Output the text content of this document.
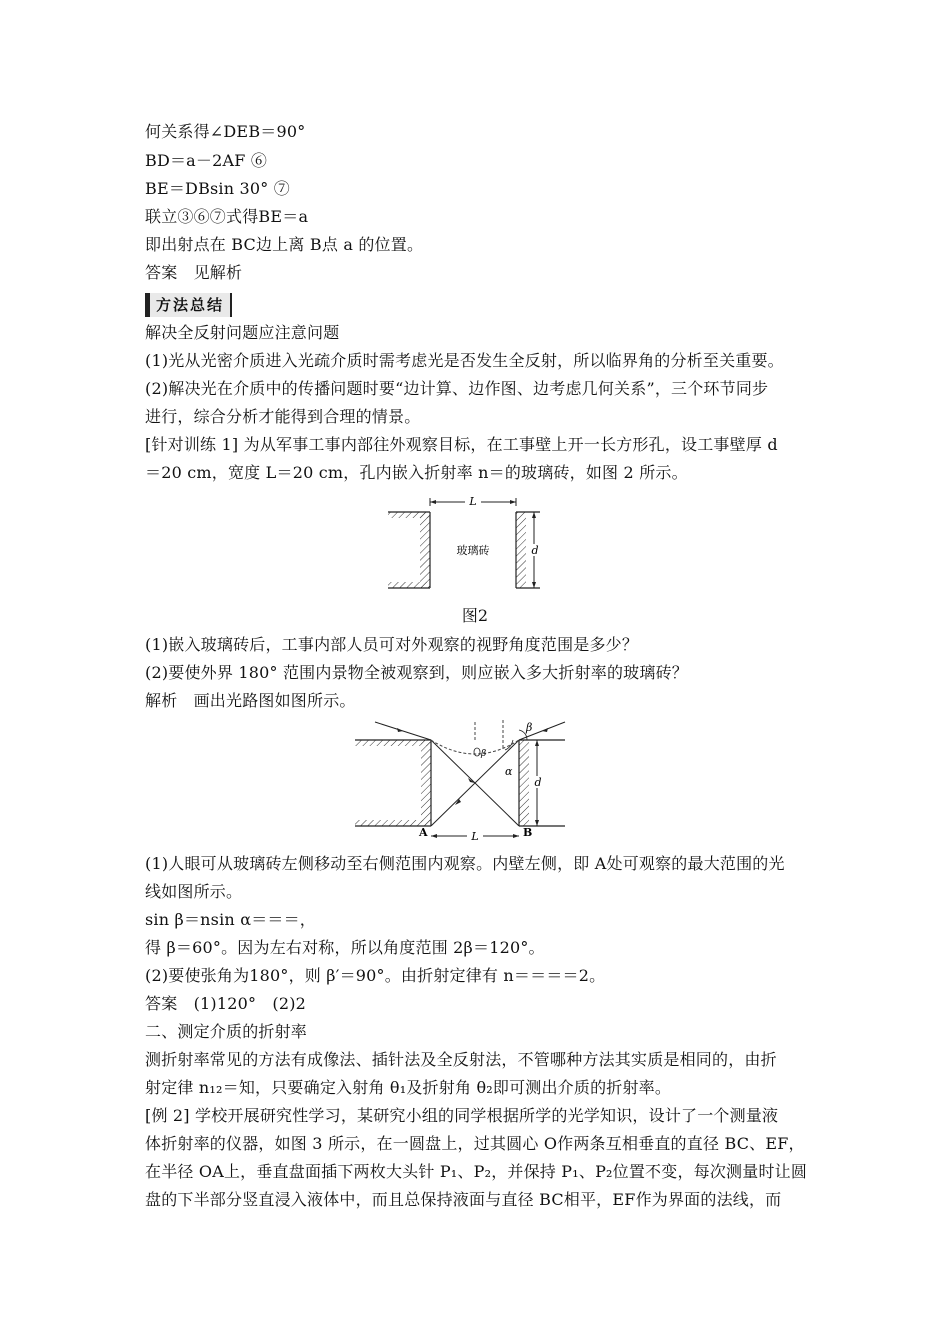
何关系得∠DEB＝90°
BD＝a－2AF ⑥
BE＝DBsin 30° ⑦
联立③⑥⑦式得BE＝a
即出射点在 BC边上离 B点 a 的位置。
答案　见解析
方法总结
解决全反射问题应注意问题
(1)光从光密介质进入光疏介质时需考虑光是否发生全反射，所以临界角的分析至关重要。
(2)解决光在介质中的传播问题时要“边计算、边作图、边考虑几何关系”，三个环节同步
进行，综合分析才能得到合理的情景。
[针对训练 1] 为从军事工事内部往外观察目标，在工事壁上开一长方形孔，设工事壁厚 d
＝20 cm，宽度 L＝20 cm，孔内嵌入折射率 n＝的玻璃砖，如图 2 所示。
L
d
玻璃砖
图2
(1)嵌入玻璃砖后，工事内部人员可对外观察的视野角度范围是多少？
(2)要使外界 180° 范围内景物全被观察到，则应嵌入多大折射率的玻璃砖？
解析　画出光路图如图所示。
d
L
β
β
α
A	B
(1)人眼可从玻璃砖左侧移动至右侧范围内观察。内壁左侧，即 A处可观察的最大范围的光
线如图所示。
sin β＝nsin α＝＝＝，
得 β＝60°。因为左右对称，所以角度范围 2β＝120°。
(2)要使张角为180°，则 β′＝90°。由折射定律有 n＝＝＝＝2。
答案　(1)120°　(2)2
二、测定介质的折射率
测折射率常见的方法有成像法、插针法及全反射法，不管哪种方法其实质是相同的，由折
射定律 n₁₂＝知，只要确定入射角 θ₁及折射角 θ₂即可测出介质的折射率。
[例 2] 学校开展研究性学习，某研究小组的同学根据所学的光学知识，设计了一个测量液
体折射率的仪器，如图 3 所示，在一圆盘上，过其圆心 O作两条互相垂直的直径 BC、EF，
在半径 OA上，垂直盘面插下两枚大头针 P₁、P₂，并保持 P₁、P₂位置不变，每次测量时让圆
盘的下半部分竖直浸入液体中，而且总保持液面与直径 BC相平，EF作为界面的法线，而
